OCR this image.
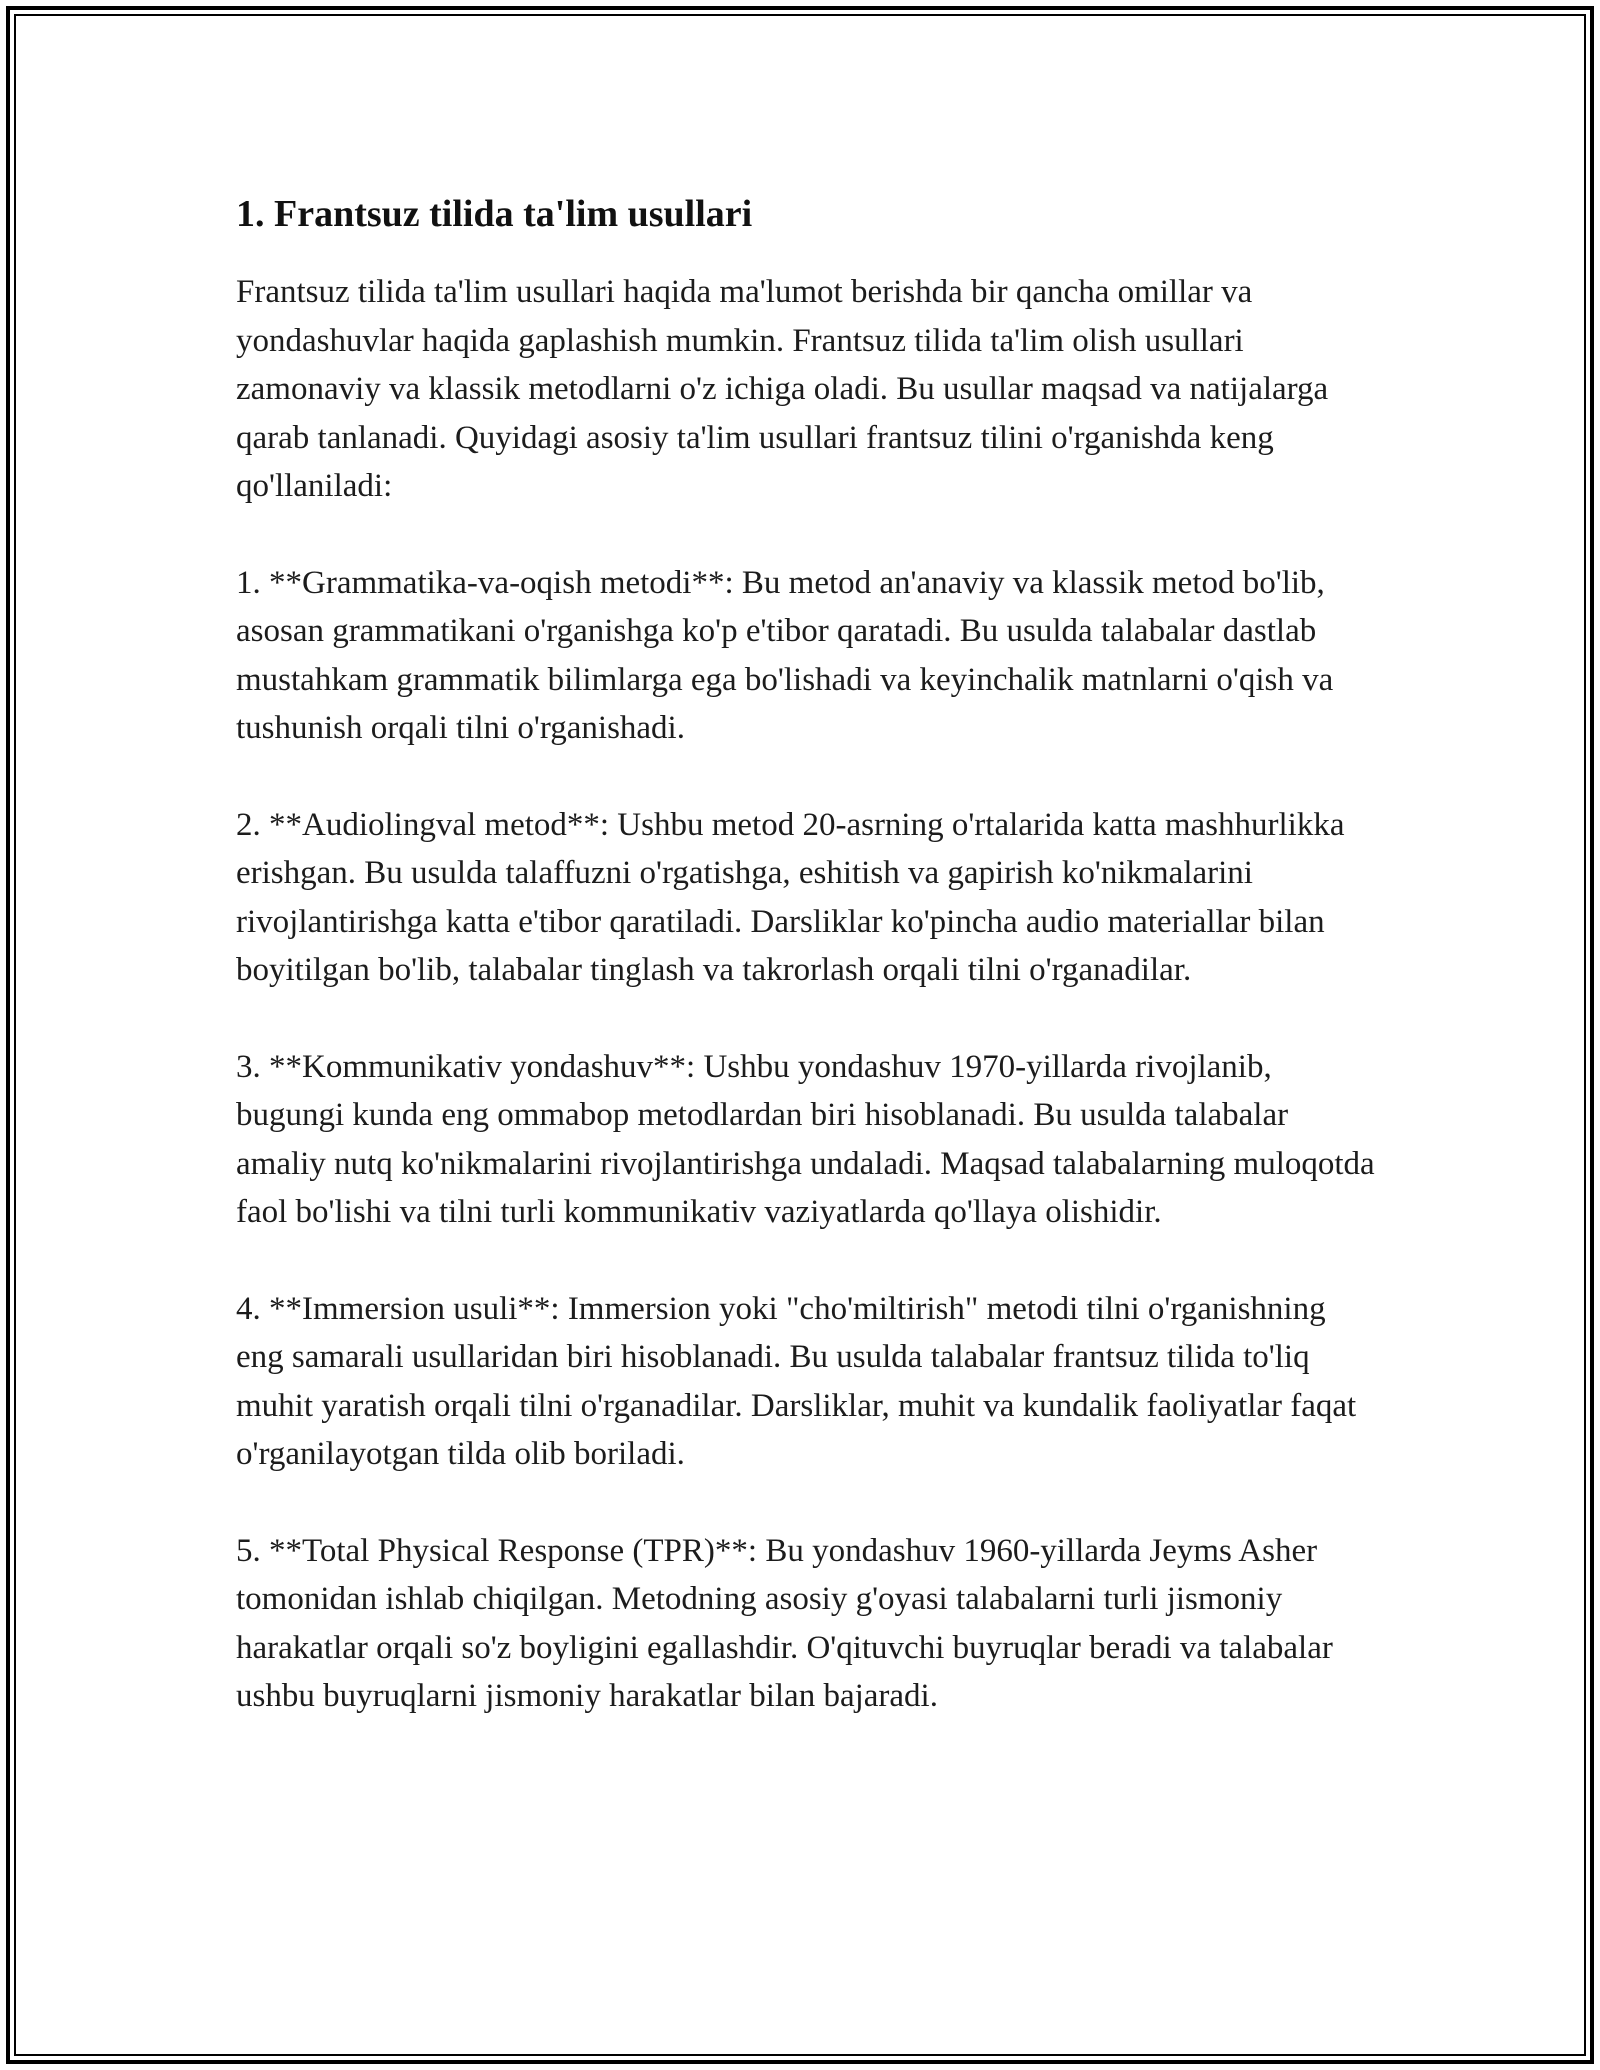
1. Frantsuz tilida ta'lim usullari

Frantsuz tilida ta'lim usullari haqida ma'lumot berishda bir qancha omillar va yondashuvlar haqida gaplashish mumkin. Frantsuz tilida ta'lim olish usullari zamonaviy va klassik metodlarni o'z ichiga oladi. Bu usullar maqsad va natijalarga qarab tanlanadi. Quyidagi asosiy ta'lim usullari frantsuz tilini o'rganishda keng qo'llaniladi:

1. **Grammatika-va-oqish metodi**: Bu metod an'anaviy va klassik metod bo'lib, asosan grammatikani o'rganishga ko'p e'tibor qaratadi. Bu usulda talabalar dastlab mustahkam grammatik bilimlarga ega bo'lishadi va keyinchalik matnlarni o'qish va tushunish orqali tilni o'rganishadi.

2. **Audiolingval metod**: Ushbu metod 20-asrning o'rtalarida katta mashhurlikka erishgan. Bu usulda talaffuzni o'rgatishga, eshitish va gapirish ko'nikmalarini rivojlantirishga katta e'tibor qaratiladi. Darsliklar ko'pincha audio materiallar bilan boyitilgan bo'lib, talabalar tinglash va takrorlash orqali tilni o'rganadilar.

3. **Kommunikativ yondashuv**: Ushbu yondashuv 1970-yillarda rivojlanib, bugungi kunda eng ommabop metodlardan biri hisoblanadi. Bu usulda talabalar amaliy nutq ko'nikmalarini rivojlantirishga undaladi. Maqsad talabalarning muloqotda faol bo'lishi va tilni turli kommunikativ vaziyatlarda qo'llaya olishidir.

4. **Immersion usuli**: Immersion yoki "cho'miltirish" metodi tilni o'rganishning eng samarali usullaridan biri hisoblanadi. Bu usulda talabalar frantsuz tilida to'liq muhit yaratish orqali tilni o'rganadilar. Darsliklar, muhit va kundalik faoliyatlar faqat o'rganilayotgan tilda olib boriladi.

5. **Total Physical Response (TPR)**: Bu yondashuv 1960-yillarda Jeyms Asher tomonidan ishlab chiqilgan. Metodning asosiy g'oyasi talabalarni turli jismoniy harakatlar orqali so'z boyligini egallashdir. O'qituvchi buyruqlar beradi va talabalar ushbu buyruqlarni jismoniy harakatlar bilan bajaradi.
